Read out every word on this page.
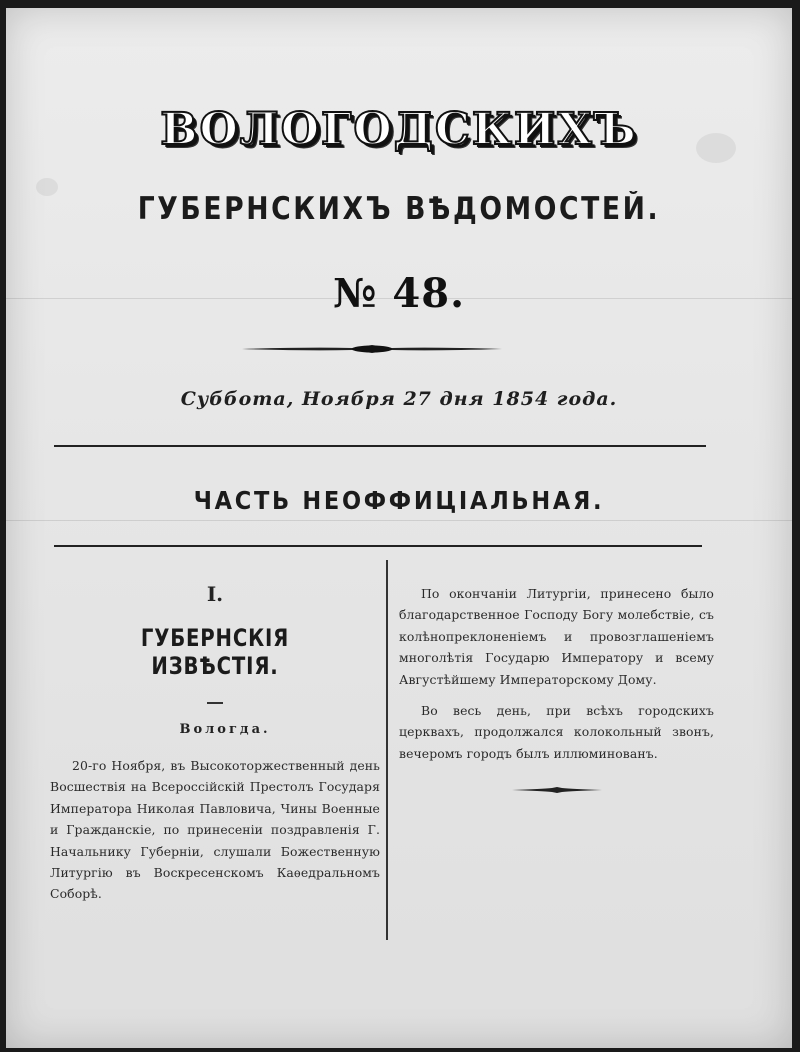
ВОЛОГОДСКИХЪ
ГУБЕРНСКИХЪ ВѢДОМОСТЕЙ.
№ 48.
Суббота, Ноября 27 дня 1854 года.
ЧАСТЬ НЕОФФИЦІАЛЬНАЯ.
I.
ГУБЕРНСКІЯ ИЗВѢСТІЯ.
Вологда.

20-го Ноября, въ Высокоторжественный день Восшествія на Всероссійскій Престолъ Государя Императора Николая Павловича, Чины Военные и Гражданскіе, по принесеніи поздравленія Г. Начальнику Губерніи, слушали Божественную Литургію въ Воскресенскомъ Каѳедральномъ Соборѣ.

По окончаніи Литургіи, принесено было благодарственное Господу Богу молебствіе, съ колѣнопреклоненіемъ и провозглашеніемъ многолѣтія Государю Императору и всему Августѣйшему Императорскому Дому.

Во весь день, при всѣхъ городскихъ церквахъ, продолжался колокольный звонъ, вечеромъ городъ былъ иллюминованъ.
